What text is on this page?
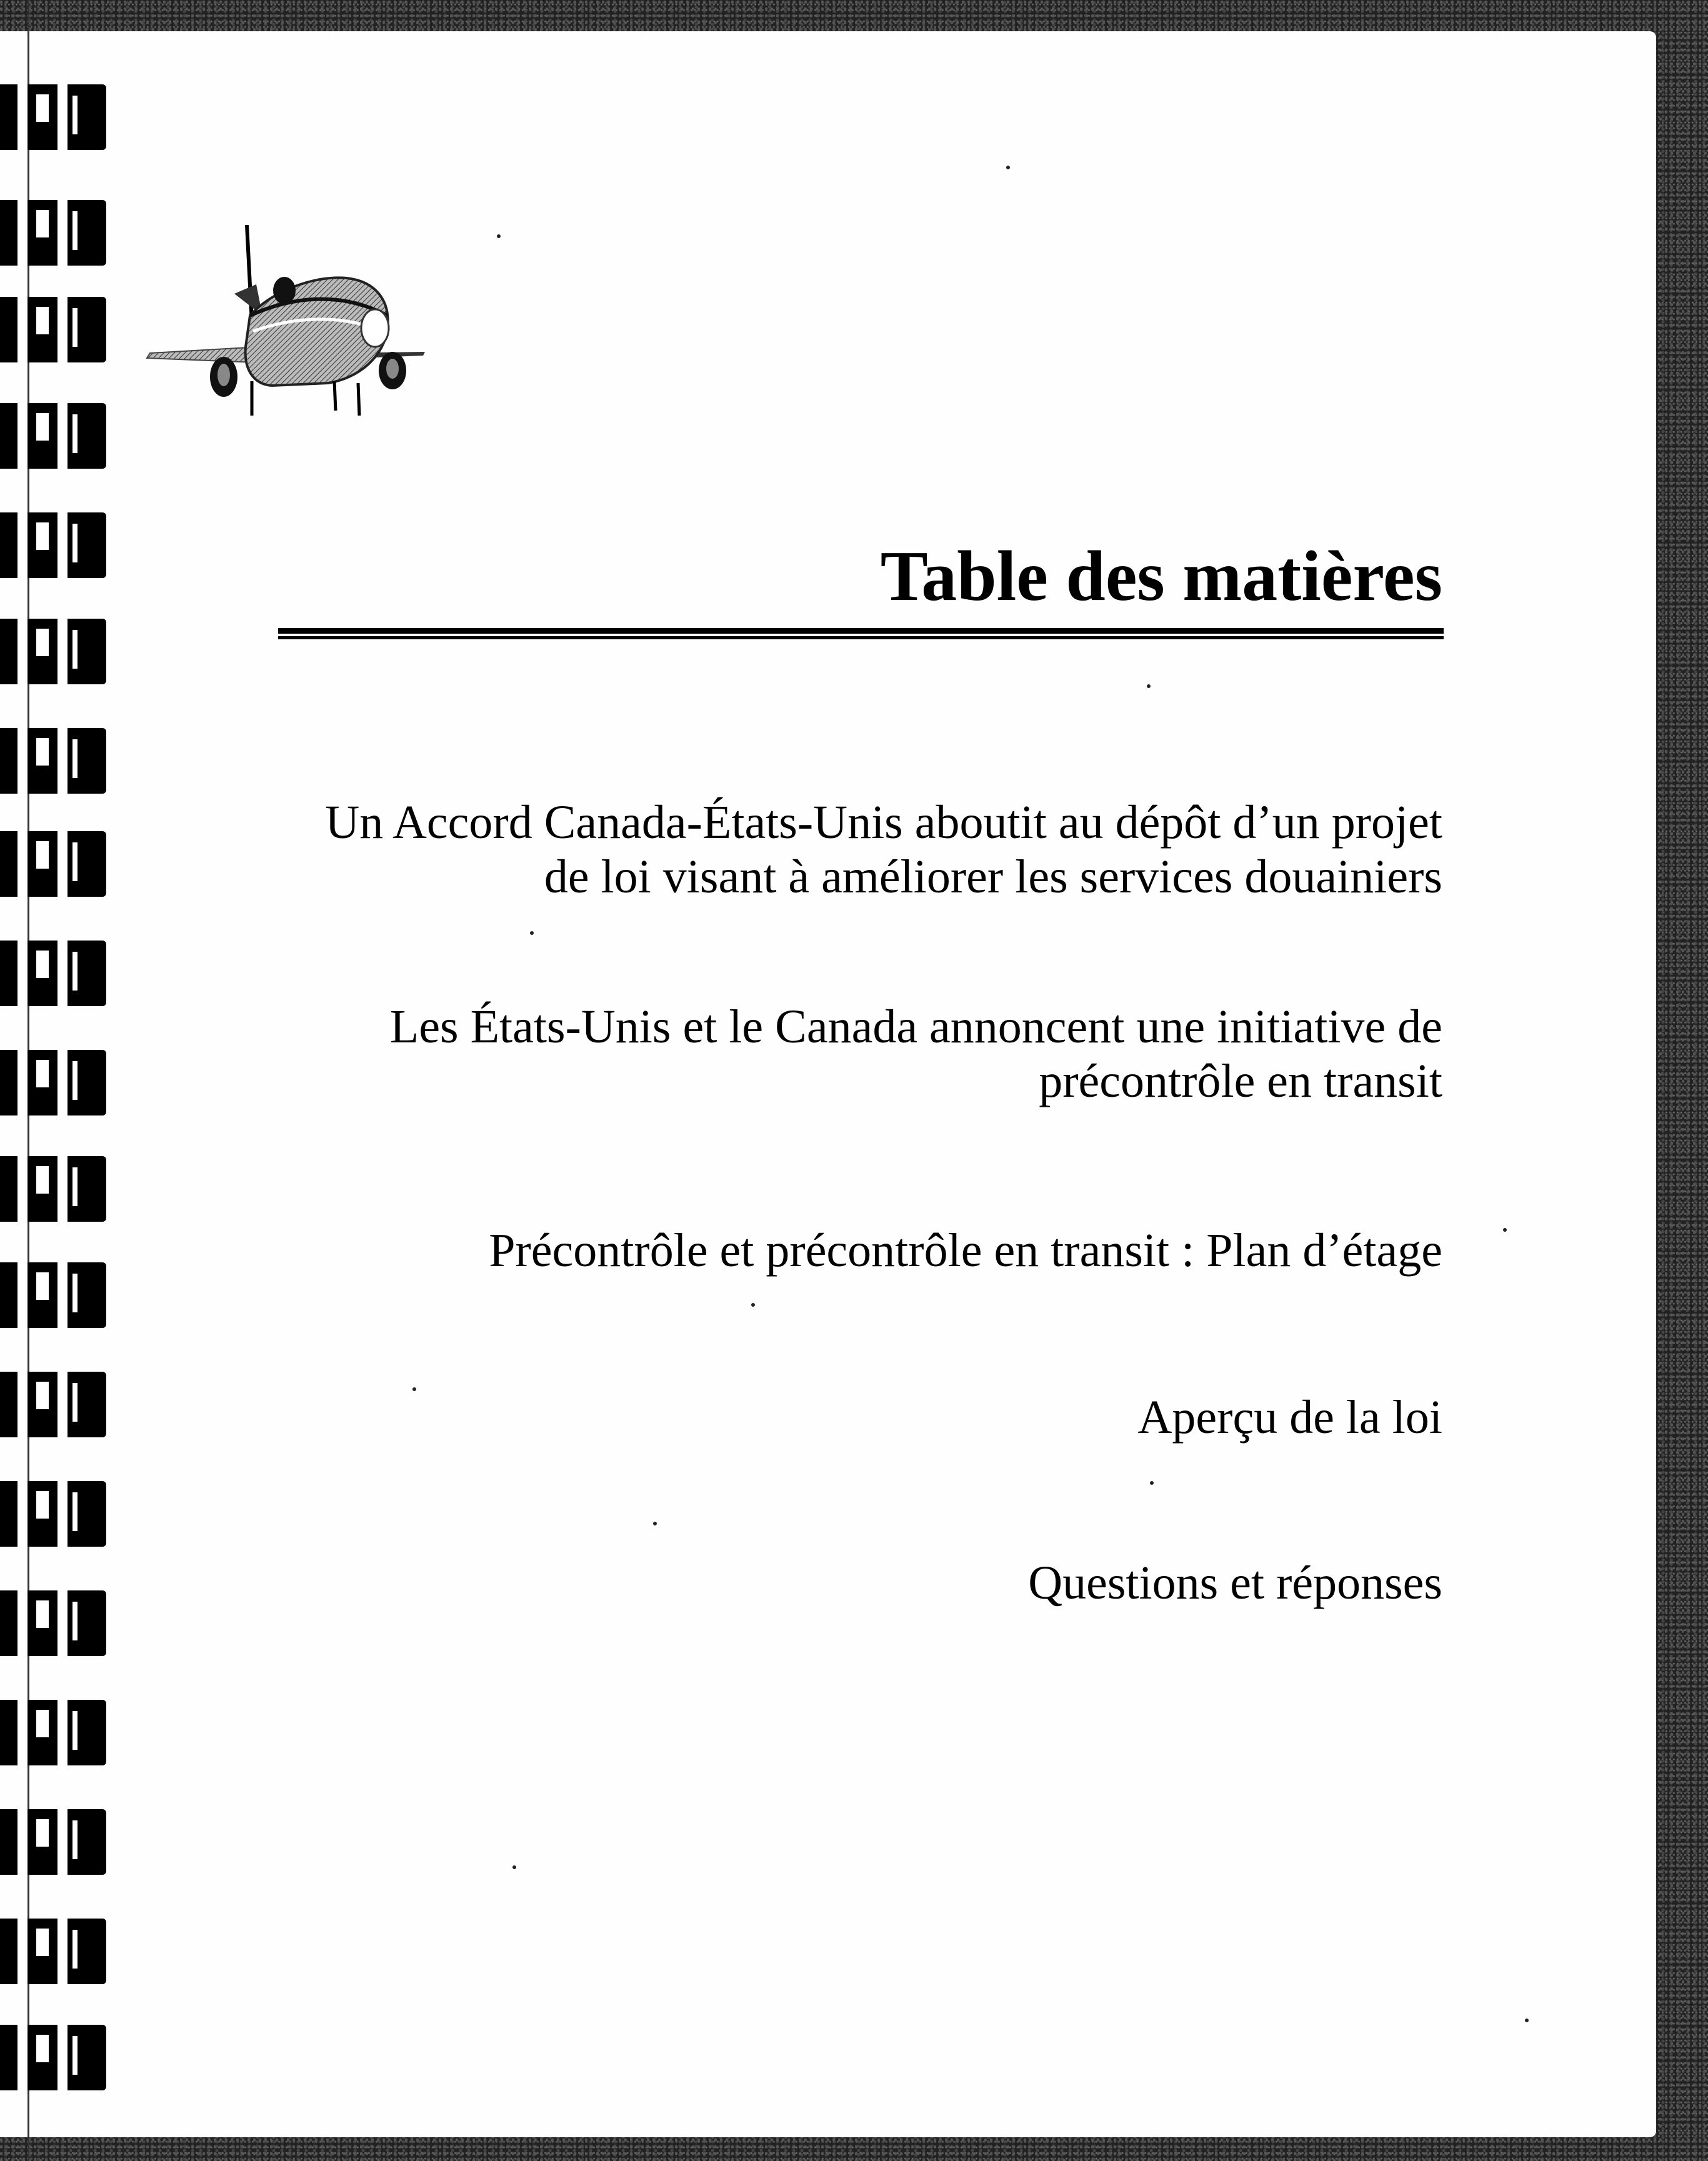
Table des matières

Un Accord Canada-États-Unis aboutit au dépôt d’un projet
de loi visant à améliorer les services douainiers

Les États-Unis et le Canada annoncent une initiative de
précontrôle en transit

Précontrôle et précontrôle en transit : Plan d’étage

Aperçu de la loi

Questions et réponses
